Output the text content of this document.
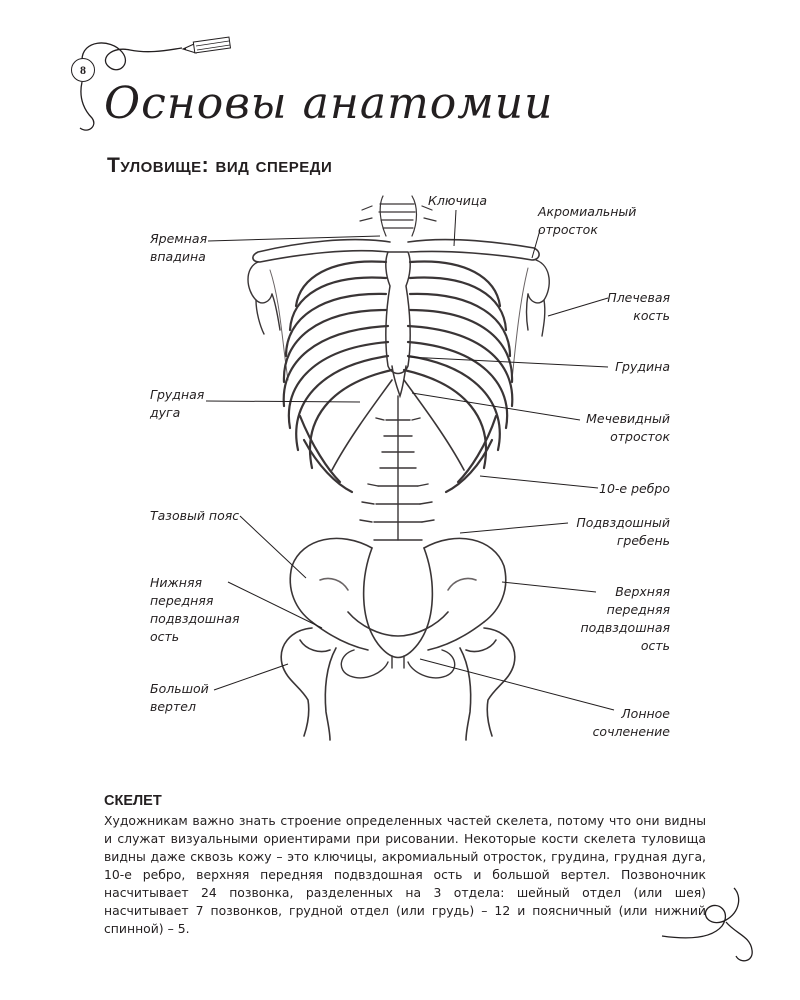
8
Основы анатомии
Туловище: вид спереди
Ключица
Акромиальный
отросток
Яремная
впадина
Плечевая
кость
Грудина
Грудная
дуга	Мечевидный
отросток
10-е ребро
Тазовый пояс	Подвздошный
гребень
Нижняя
передняя
подвздошная
ость
Верхняя
передняя
подвздошная
ость
Большой
вертел	Лонное
сочленение
СКЕЛЕТ

Художникам важно знать строение определенных частей скелета, потому что они видны и служат визуальными ориентирами при рисовании. Некоторые кости скелета туловища видны даже сквозь кожу – это ключицы, акромиальный отросток, грудина, грудная дуга, 10-е ребро, верхняя передняя подвздошная ость и большой вертел. Позвоночник насчитывает 24 позвонка, разделенных на 3 отдела: шейный отдел (или шея) насчитывает 7 позвонков, грудной отдел (или грудь) – 12 и поясничный (или нижний спинной) – 5.
